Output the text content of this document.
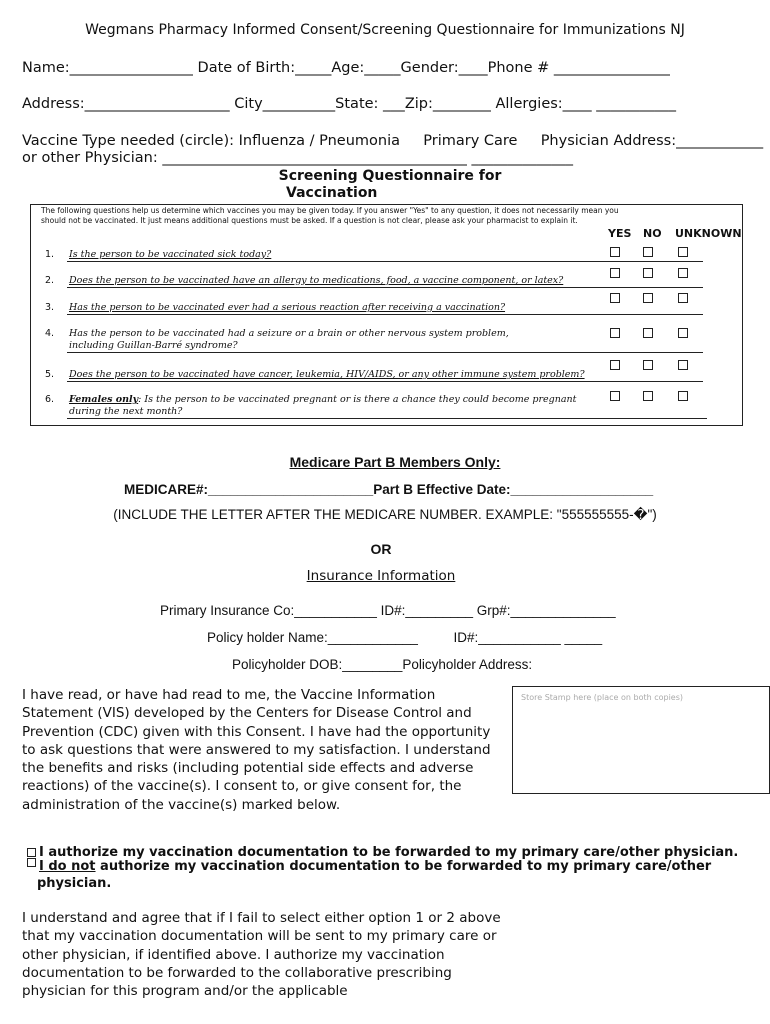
Wegmans Pharmacy Informed Consent/Screening Questionnaire for Immunizations NJ
Name:_________________ Date of Birth:_____Age:_____Gender:____Phone # ________________
Address:____________________ City__________State: ___Zip:________ Allergies:____ ___________
Vaccine Type needed (circle): Influenza / Pneumonia Primary Care Physician Address:____________
or other Physician: __________________________________________ ______________
Screening Questionnaire for
Vaccination
The following questions help us determine which vaccines you may be given today. If you answer "Yes" to any question, it does not necessarily mean you
should not be vaccinated. It just means additional questions must be asked. If a question is not clear, please ask your pharmacist to explain it.
YES NO UNKNOWN
1. Is the person to be vaccinated sick today?
2. Does the person to be vaccinated have an allergy to medications, food, a vaccine component, or latex?
3. Has the person to be vaccinated ever had a serious reaction after receiving a vaccination?
4. Has the person to be vaccinated had a seizure or a brain or other nervous system problem, including Guillan-Barré syndrome?
5. Does the person to be vaccinated have cancer, leukemia, HIV/AIDS, or any other immune system problem?
6. Females only: Is the person to be vaccinated pregnant or is there a chance they could become pregnant during the next month?
Medicare Part B Members Only:
MEDICARE#:______________________Part B Effective Date:___________________
(INCLUDE THE LETTER AFTER THE MEDICARE NUMBER. EXAMPLE: "555555555-�")
OR
Insurance Information
Primary Insurance Co:___________ ID#:_________ Grp#:______________
Policy holder Name:____________	ID#:___________ _____
Policyholder DOB:________Policyholder Address:
I have read, or have had read to me, the Vaccine Information Statement (VIS) developed by the Centers for Disease Control and Prevention (CDC) given with this Consent. I have had the opportunity to ask questions that were answered to my satisfaction. I understand the benefits and risks (including potential side effects and adverse reactions) of the vaccine(s). I consent to, or give consent for, the administration of the vaccine(s) marked below.
Store Stamp here (place on both copies)
I authorize my vaccination documentation to be forwarded to my primary care/other physician.
I do not authorize my vaccination documentation to be forwarded to my primary care/other
physician.
I understand and agree that if I fail to select either option 1 or 2 above that my vaccination documentation will be sent to my primary care or other physician, if identified above. I authorize my vaccination documentation to be forwarded to the collaborative prescribing physician for this program and/or the applicable
